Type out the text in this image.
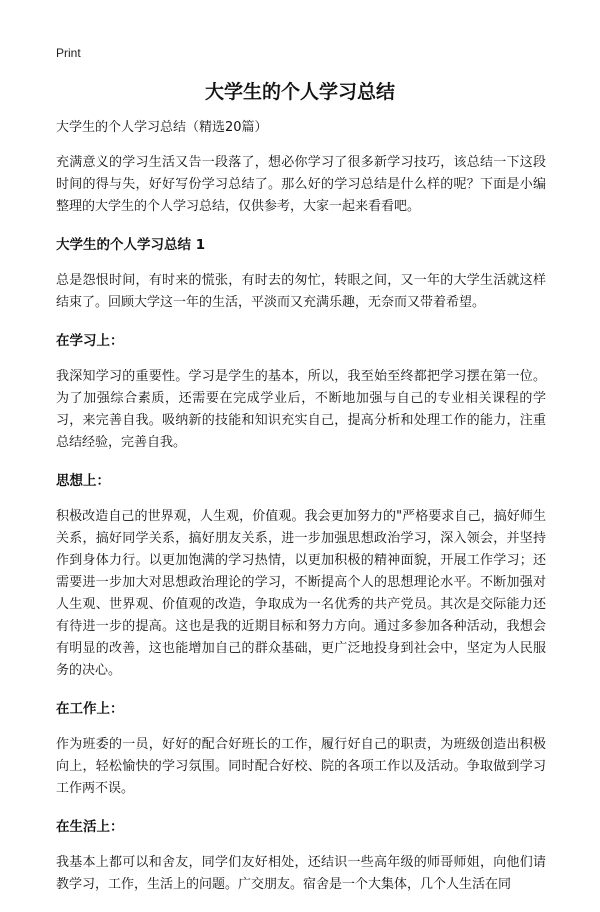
Print
大学生的个人学习总结

大学生的个人学习总结（精选20篇）

充满意义的学习生活又告一段落了，想必你学习了很多新学习技巧，该总结一下这段时间的得与失，好好写份学习总结了。那么好的学习总结是什么样的呢？下面是小编整理的大学生的个人学习总结，仅供参考，大家一起来看看吧。

大学生的个人学习总结 1

总是怨恨时间，有时来的慌张，有时去的匆忙，转眼之间，又一年的大学生活就这样结束了。回顾大学这一年的生活，平淡而又充满乐趣，无奈而又带着希望。

在学习上：

我深知学习的重要性。学习是学生的基本，所以，我至始至终都把学习摆在第一位。为了加强综合素质，还需要在完成学业后，不断地加强与自己的专业相关课程的学习，来完善自我。吸纳新的技能和知识充实自己，提高分析和处理工作的能力，注重总结经验，完善自我。

思想上：

积极改造自己的世界观，人生观，价值观。我会更加努力的"严格要求自己，搞好师生关系，搞好同学关系，搞好朋友关系，进一步加强思想政治学习，深入领会，并坚持作到身体力行。以更加饱满的学习热情，以更加积极的精神面貌，开展工作学习；还需要进一步加大对思想政治理论的学习，不断提高个人的思想理论水平。不断加强对人生观、世界观、价值观的改造，争取成为一名优秀的共产党员。其次是交际能力还有待进一步的提高。这也是我的近期目标和努力方向。通过多参加各种活动，我想会有明显的改善，这也能增加自己的群众基础，更广泛地投身到社会中，坚定为人民服务的决心。

在工作上：

作为班委的一员，好好的配合好班长的工作，履行好自己的职责，为班级创造出积极向上，轻松愉快的学习氛围。同时配合好校、院的各项工作以及活动。争取做到学习工作两不误。

在生活上：

我基本上都可以和舍友，同学们友好相处，还结识一些高年级的师哥师姐，向他们请教学习，工作，生活上的问题。广交朋友。宿舍是一个大集体，几个人生活在同
